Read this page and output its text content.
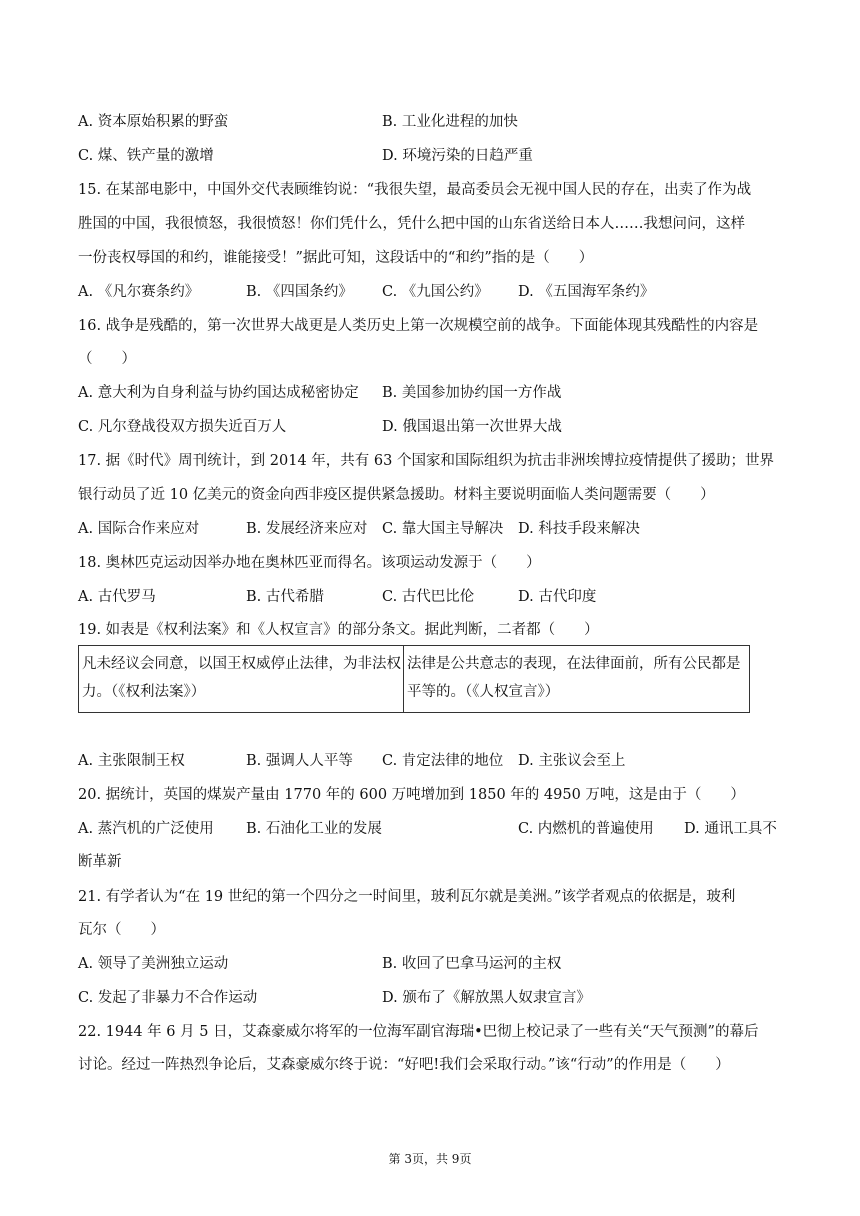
A. 资本原始积累的野蛮	B. 工业化进程的加快
C. 煤、铁产量的激增	D. 环境污染的日趋严重
15. 在某部电影中，中国外交代表顾维钧说：“我很失望，最高委员会无视中国人民的存在，出卖了作为战
胜国的中国，我很愤怒，我很愤怒！你们凭什么，凭什么把中国的山东省送给日本人……我想问问，这样
一份丧权辱国的和约，谁能接受！”据此可知，这段话中的“和约”指的是（　　）
A. 《凡尔赛条约》	B. 《四国条约》 C. 《九国公约》 D. 《五国海军条约》
16. 战争是残酷的，第一次世界大战更是人类历史上第一次规模空前的战争。下面能体现其残酷性的内容是
（　　）
A. 意大利为自身利益与协约国达成秘密协定 B. 美国参加协约国一方作战
C. 凡尔登战役双方损失近百万人	D. 俄国退出第一次世界大战
17. 据《时代》周刊统计，到 2014 年，共有 63 个国家和国际组织为抗击非洲埃博拉疫情提供了援助；世界
银行动员了近 10 亿美元的资金向西非疫区提供紧急援助。材料主要说明面临人类问题需要（　　）
A. 国际合作来应对	B. 发展经济来应对 C. 靠大国主导解决 D. 科技手段来解决
18. 奥林匹克运动因举办地在奥林匹亚而得名。该项运动发源于（　　）
A. 古代罗马	B. 古代希腊	C. 古代巴比伦	D. 古代印度
19. 如表是《权利法案》和《人权宣言》的部分条文。据此判断，二者都（　　）
凡未经议会同意，以国王权威停止法律，为非法权力。（《权利法案》）	法律是公共意志的表现，在法律面前，所有公民都是平等的。（《人权宣言》）
A. 主张限制王权	B. 强调人人平等 C. 肯定法律的地位 D. 主张议会至上
20. 据统计，英国的煤炭产量由 1770 年的 600 万吨增加到 1850 年的 4950 万吨，这是由于（　　）
A. 蒸汽机的广泛使用 B. 石油化工业的发展	C. 内燃机的普遍使用 D. 通讯工具不
断革新
21. 有学者认为“在 19 世纪的第一个四分之一时间里，玻利瓦尔就是美洲。”该学者观点的依据是，玻利
瓦尔（　　）
A. 领导了美洲独立运动	B. 收回了巴拿马运河的主权
C. 发起了非暴力不合作运动	D. 颁布了《解放黑人奴隶宣言》
22. 1944 年 6 月 5 日，艾森豪威尔将军的一位海军副官海瑞•巴彻上校记录了一些有关“天气预测”的幕后
讨论。经过一阵热烈争论后，艾森豪威尔终于说：“好吧!我们会采取行动。”该“行动”的作用是（　　）
第 3页，共 9页
